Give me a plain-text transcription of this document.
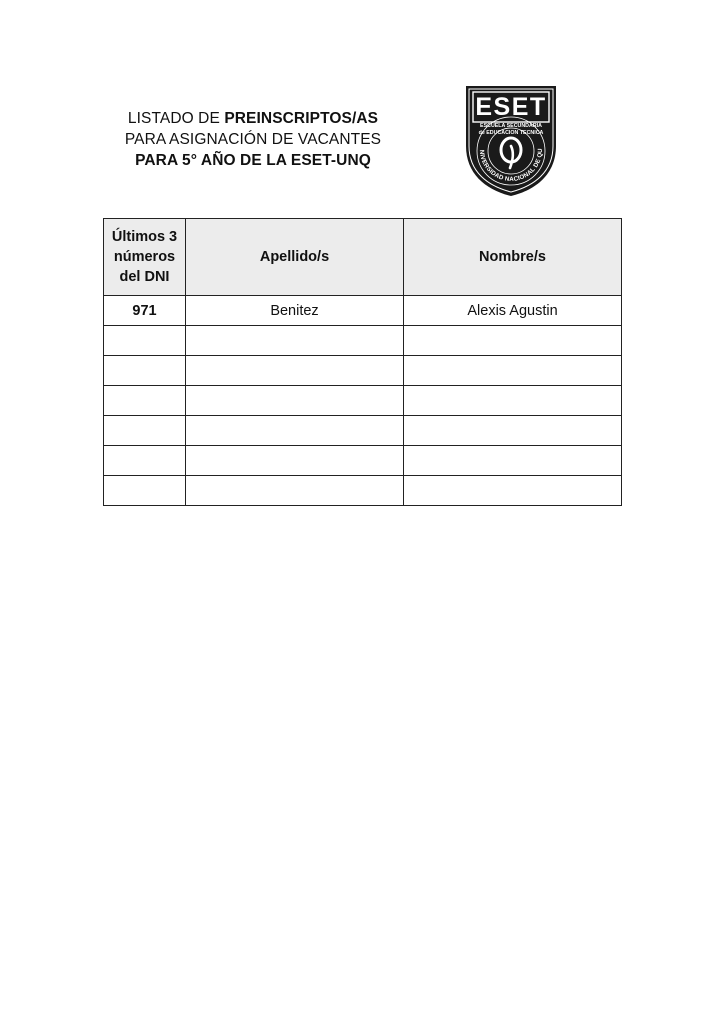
LISTADO DE PREINSCRIPTOS/AS
PARA ASIGNACIÓN DE VACANTES
PARA 5° AÑO DE LA ESET-UNQ	NIVERSIDAD NACIONAL DE QU
ESET
ESCUELA SECUNDARIA
de EDUCACIÓN TÉCNICA
Últimos 3
números
del DNI	Apellido/s	Nombre/s
971	Benitez	Alexis Agustin
